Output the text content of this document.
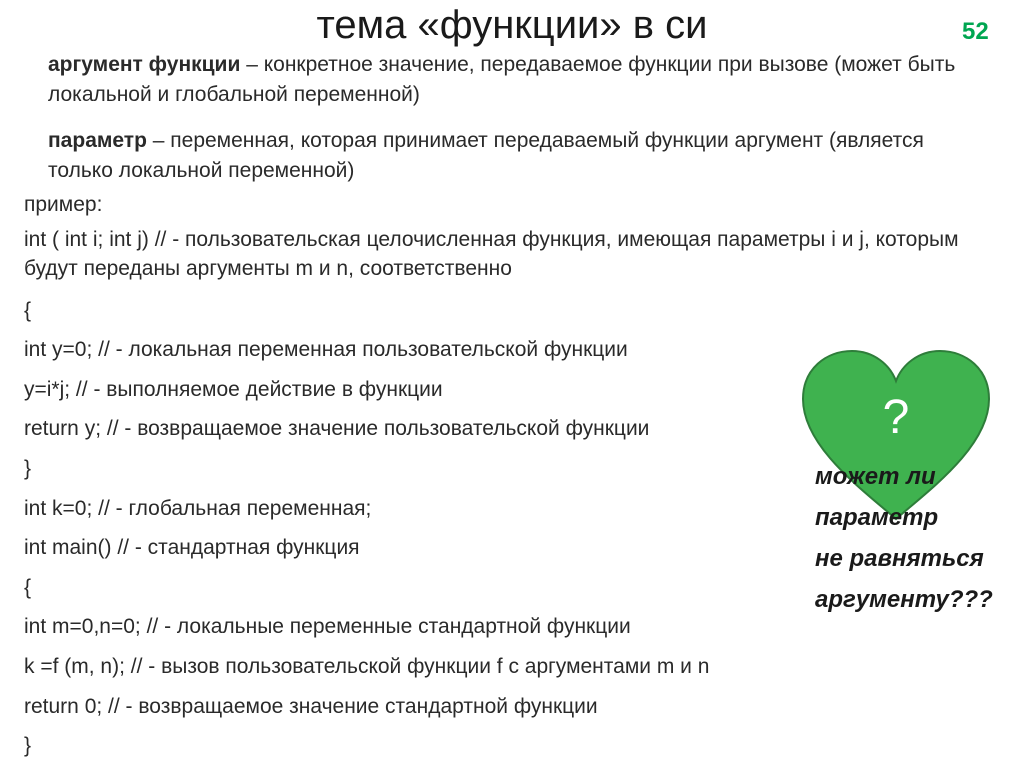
тема «функции» в си	52
аргумент функции – конкретное значение, передаваемое функции при вызове (может быть локальной и глобальной переменной)
параметр – переменная, которая принимает передаваемый функции аргумент (является только локальной переменной)
пример:
int ( int i; int j) // - пользовательская целочисленная функция, имеющая параметры i и j, которым будут переданы аргументы m и n, соответственно
{
int y=0; // - локальная переменная пользовательской функции
y=i*j; // - выполняемое действие в функции
return y; // - возвращаемое значение пользовательской функции
}
int k=0; // - глобальная переменная;
int main() // - стандартная функция
{
int m=0,n=0; // - локальные переменные стандартной функции
k =f (m, n); // - вызов пользовательской функции f с аргументами m и n
return 0; // - возвращаемое значение стандартной функции
}
?
может ли
параметр
не равняться
аргументу???
